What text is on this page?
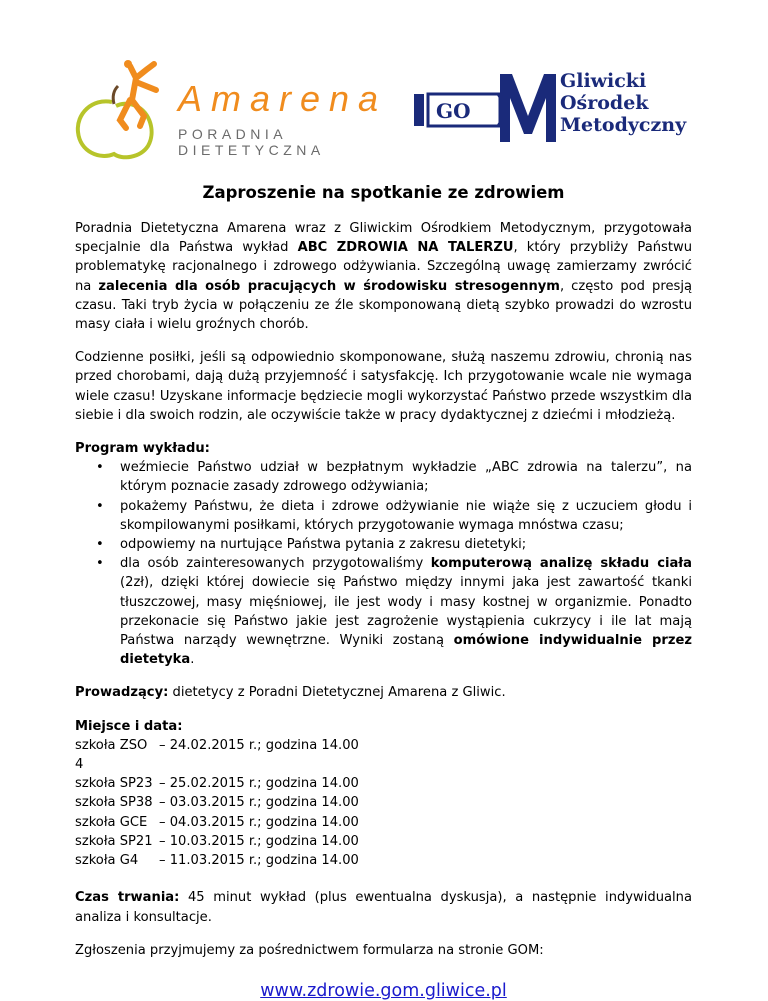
Amarena
PORADNIA DIETETYCZNA
GO
Gliwicki
Ośrodek
Metodyczny
Zaproszenie na spotkanie ze zdrowiem

Poradnia Dietetyczna Amarena wraz z Gliwickim Ośrodkiem Metodycznym, przygotowała specjalnie dla Państwa wykład ABC ZDROWIA NA TALERZU, który przybliży Państwu problematykę racjonalnego i zdrowego odżywiania. Szczególną uwagę zamierzamy zwrócić na zalecenia dla osób pracujących w środowisku stresogennym, często pod presją czasu. Taki tryb życia w połączeniu ze źle skomponowaną dietą szybko prowadzi do wzrostu masy ciała i wielu groźnych chorób.

Codzienne posiłki, jeśli są odpowiednio skomponowane, służą naszemu zdrowiu, chronią nas przed chorobami, dają dużą przyjemność i satysfakcję. Ich przygotowanie wcale nie wymaga wiele czasu! Uzyskane informacje będziecie mogli wykorzystać Państwo przede wszystkim dla siebie i dla swoich rodzin, ale oczywiście także w pracy dydaktycznej z dziećmi i młodzieżą.

Program wykładu:
• weźmiecie Państwo udział w bezpłatnym wykładzie „ABC zdrowia na talerzu”, na którym poznacie zasady zdrowego odżywiania;
• pokażemy Państwu, że dieta i zdrowe odżywianie nie wiąże się z uczuciem głodu i skompilowanymi posiłkami, których przygotowanie wymaga mnóstwa czasu;
• odpowiemy na nurtujące Państwa pytania z zakresu dietetyki;
• dla osób zainteresowanych przygotowaliśmy komputerową analizę składu ciała (2zł), dzięki której dowiecie się Państwo między innymi jaka jest zawartość tkanki tłuszczowej, masy mięśniowej, ile jest wody i masy kostnej w organizmie. Ponadto przekonacie się Państwo jakie jest zagrożenie wystąpienia cukrzycy i ile lat mają Państwa narządy wewnętrzne. Wyniki zostaną omówione indywidualnie przez dietetyka.

Prowadzący: dietetycy z Poradni Dietetycznej Amarena z Gliwic.

Miejsce i data:
szkoła ZSO 4
– 24.02.2015 r.; godzina 14.00
szkoła SP23 – 25.02.2015 r.; godzina 14.00
szkoła SP38 – 03.03.2015 r.; godzina 14.00
szkoła GCE – 04.03.2015 r.; godzina 14.00
szkoła SP21 – 10.03.2015 r.; godzina 14.00
szkoła G4	– 11.03.2015 r.; godzina 14.00

Czas trwania: 45 minut wykład (plus ewentualna dyskusja), a następnie indywidualna analiza i konsultacje.

Zgłoszenia przyjmujemy za pośrednictwem formularza na stronie GOM:

www.zdrowie.gom.gliwice.pl
